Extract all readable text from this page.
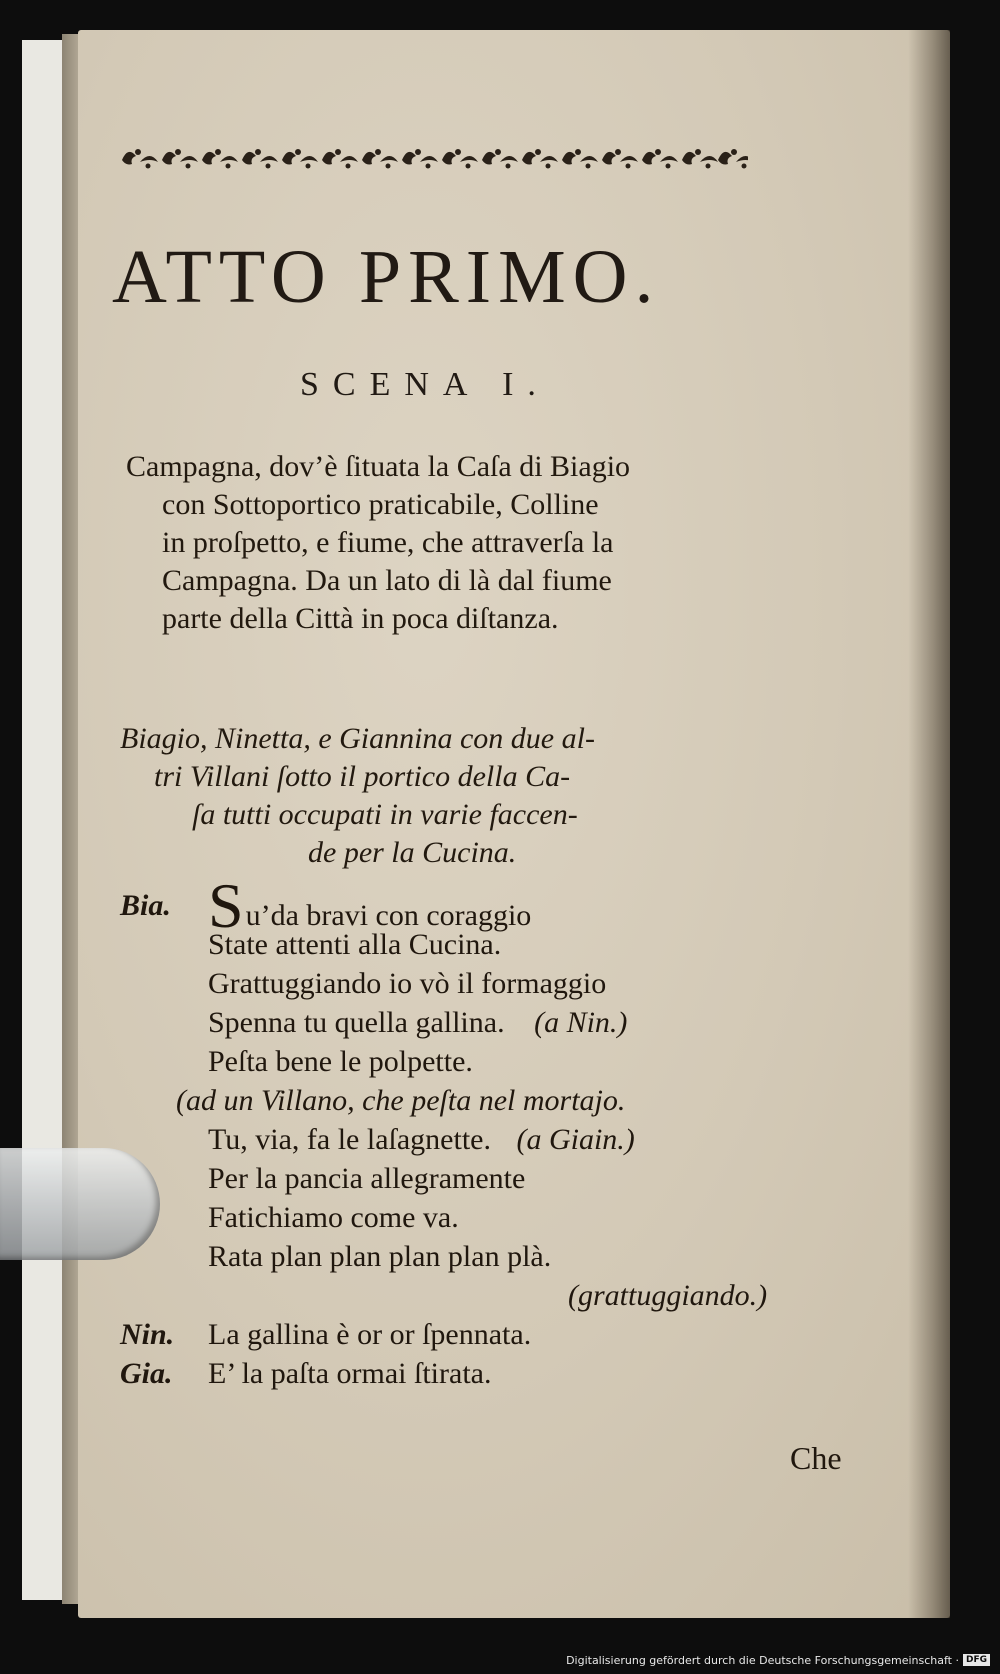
ATTO PRIMO.
SCENA I.
Campagna, dov’è ſituata la Caſa di Biagio
con Sottoportico praticabile, Colline
in proſpetto, e fiume, che attraverſa la
Campagna. Da un lato di là dal fiume
parte della Città in poca diſtanza.
Biagio, Ninetta, e Giannina con due al-
tri Villani ſotto il portico della Ca-
ſa tutti occupati in varie faccen-
de per la Cucina.
Bia. Su’da bravi con coraggio
State attenti alla Cucina.
Grattuggiando io vò il formaggio
Spenna tu quella gallina. (a Nin.)
Peſta bene le polpette.
(ad un Villano, che peſta nel mortajo.
Tu, via, fa le laſagnette. (a Giain.)
Per la pancia allegramente
Fatichiamo come va.
Rata plan plan plan plan plà.
(grattuggiando.)
Nin. La gallina è or or ſpennata.
Gia. E’ la paſta ormai ſtirata.
Che
Digitalisierung gefördert durch die Deutsche Forschungsgemeinschaft · DFG
